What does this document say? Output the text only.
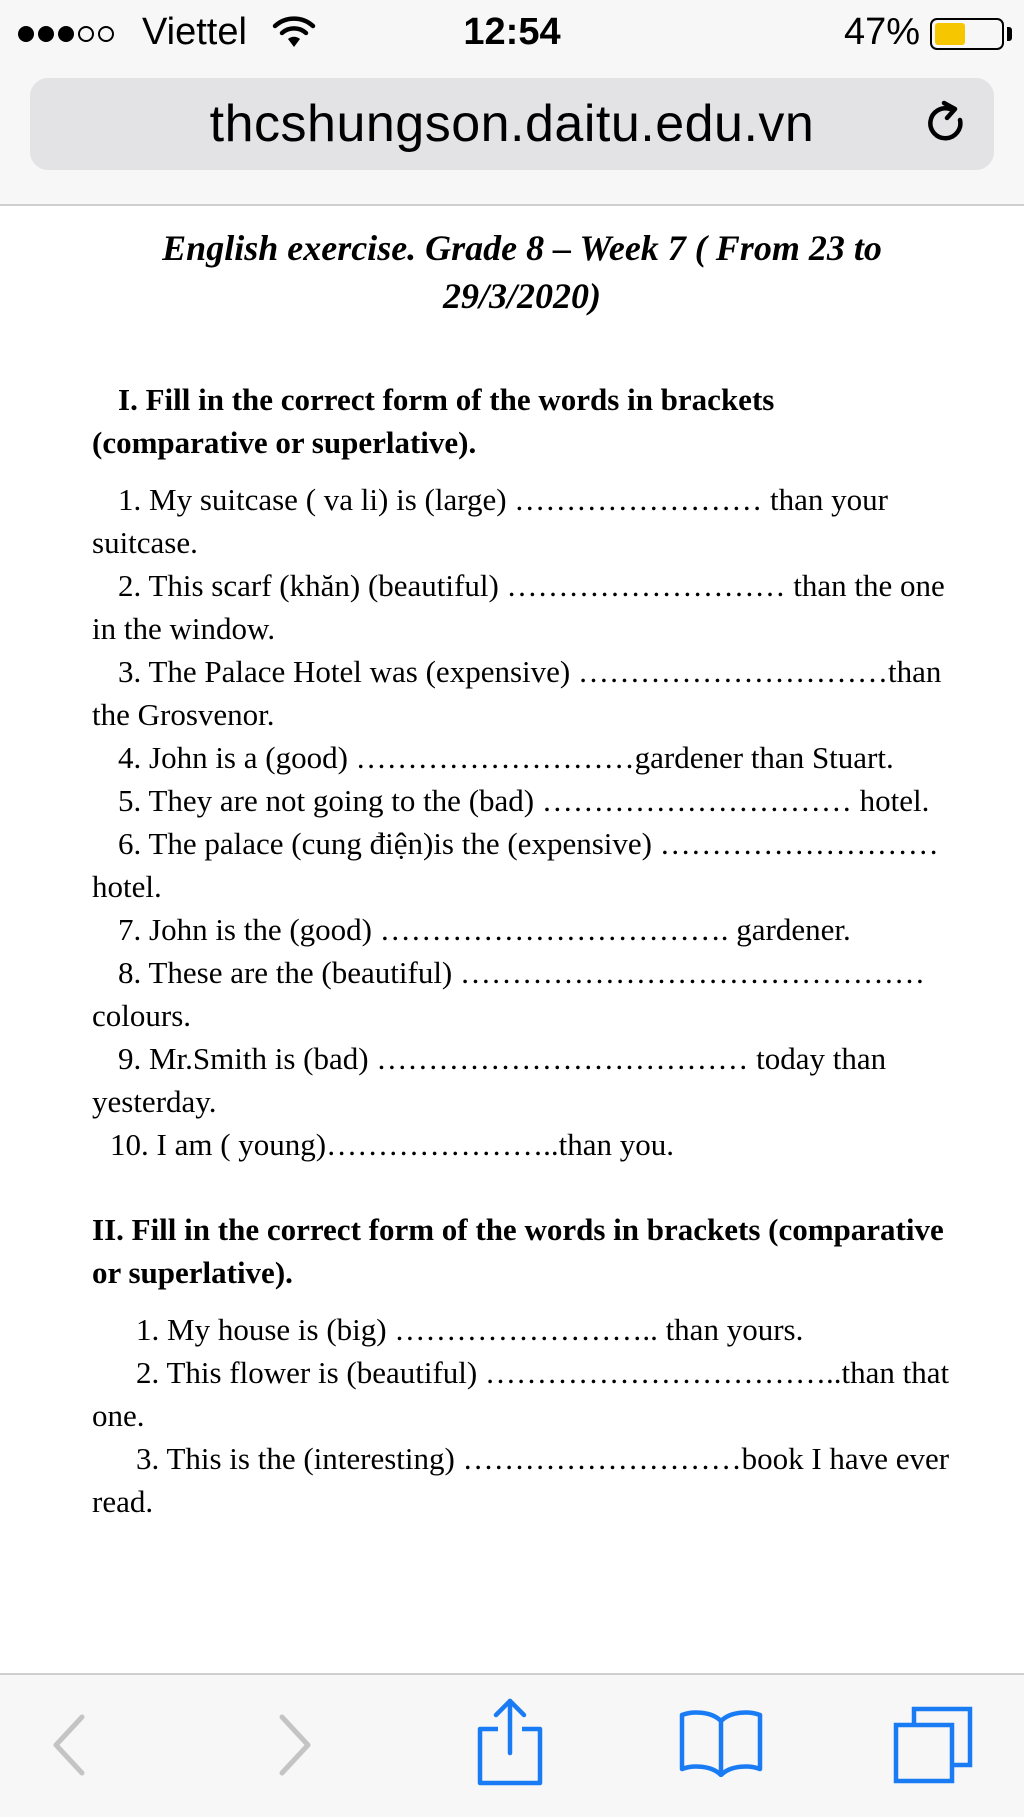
Viettel	12:54	47%
thcshungson.daitu.edu.vn
English exercise. Grade 8 – Week 7 ( From 23 to 29/3/2020)
I. Fill in the correct form of the words in brackets (comparative or superlative).

1. My suitcase ( va li) is (large) …………………… than your suitcase.

2. This scarf (khăn) (beautiful) ……………………… than the one in the window.

3. The Palace Hotel was (expensive) …………………………than the Grosvenor.

4. John is a (good) ………………………gardener than Stuart.

5. They are not going to the (bad) ………………………… hotel.

6. The palace (cung điện)is the (expensive) ……………………… hotel.

7. John is the (good) ……………………………. gardener.

8. These are the (beautiful) ……………………………………… colours.

9. Mr.Smith is (bad) ……………………………… today than yesterday.

10. I am ( young)…………………..than you.

II. Fill in the correct form of the words in brackets (comparative or superlative).

1. My house is (big) …………………….. than yours.

2. This flower is (beautiful) ……………………………..than that one.

3. This is the (interesting) ………………………book I have ever read.
